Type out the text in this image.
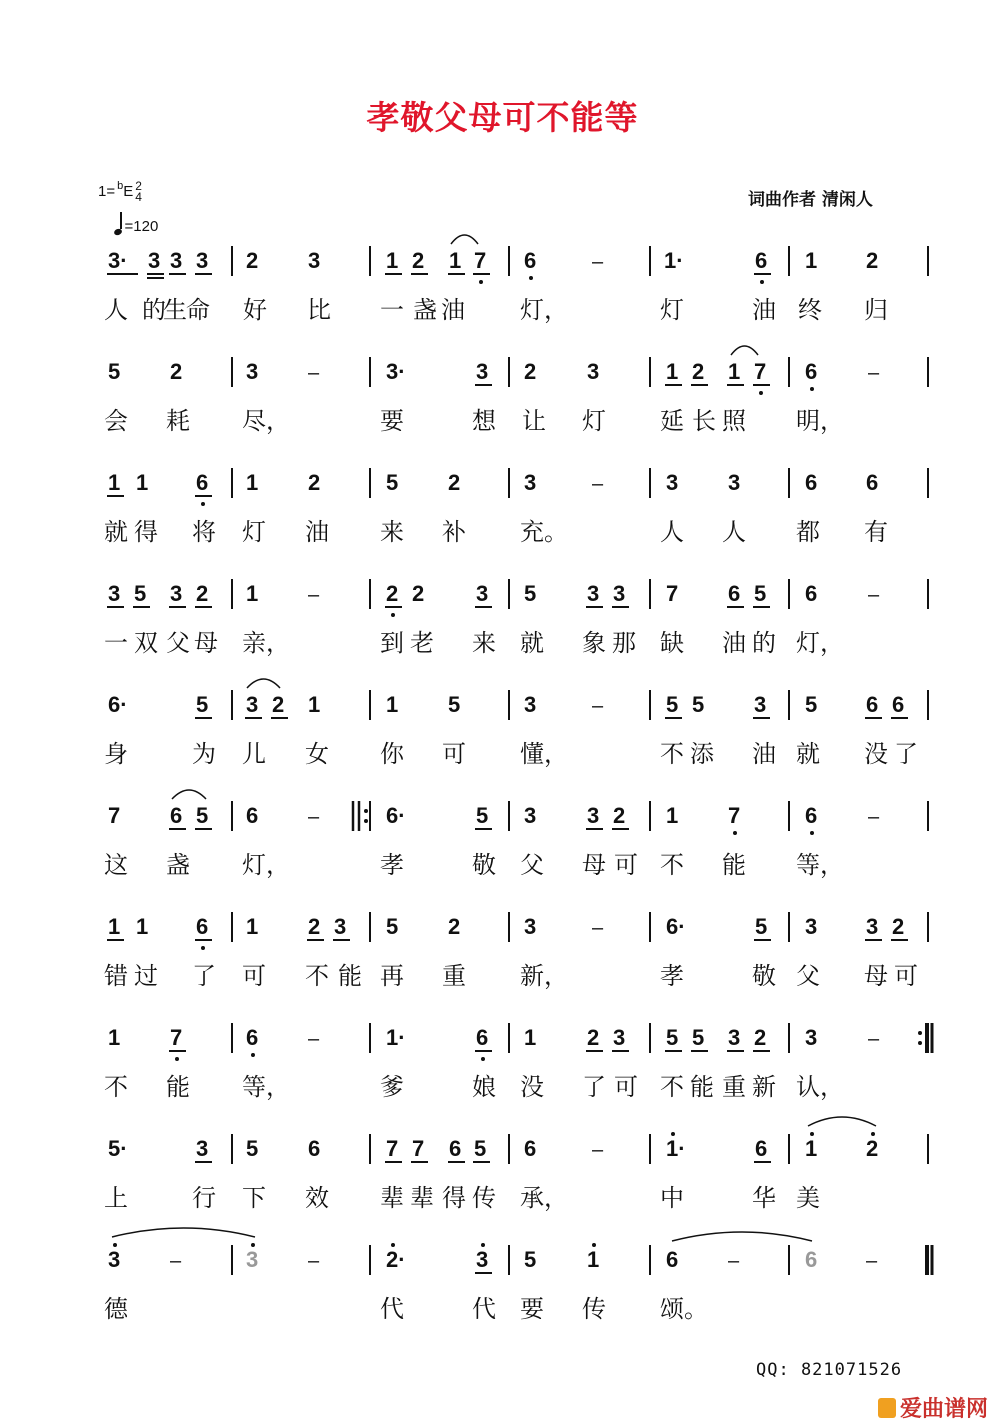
孝敬父母可不能等
1= $^b$E 2
4
=120
词曲作者 清闲人
3· 3 3 3 2 3	1 2 1 7 6	–	1·	6 1 2
5 2	3 –	3·	3 2 3	1 2 1 7 6	–
1 1 6 1 2	5 2	3	–	3 3	6 6
3 5 3 2 1 –	2 2 3 5 3 3 7 6 5 6	–
6·	5 3 2 1	1 5	3	–	5 5 3 5 6 6
7 6 5 6 –	6·	5 3 3 2 1 7	6	–
1 1 6 1 2 3 5 2	3	–	6·	5 3 3 2
1 7	6 –	1·	6 1 2 3 5 5 3 2 3	–
5·	3 5 6	7 7 6 5 6	–	1·	6 1 2
3 –	3 –	2·	3 5 1	6 –	6 –
人 的
生 命 好 比 一 盏 油 灯，	灯	油 终 归
会 耗 尽，	要	想 让 灯 延 长 照 明，
就 得 将 灯 油 来 补 充。	人 人 都 有
一 双 父 母 亲，	到 老 来 就 象 那 缺 油 的 灯，
身	为 儿 女 你 可 懂，	不 添 油 就 没 了
这 盏 灯，	孝	敬 父 母 可 不 能 等，
错 过 了 可 不 能 再 重 新，	孝	敬 父 母 可
不 能 等，	爹	娘 没 了 可 不 能 重 新 认，
上	行 下 效 辈 辈 得 传 承，	中	华 美
德	代	代 要 传 颂。
QQ: 821071526
爱曲谱网
